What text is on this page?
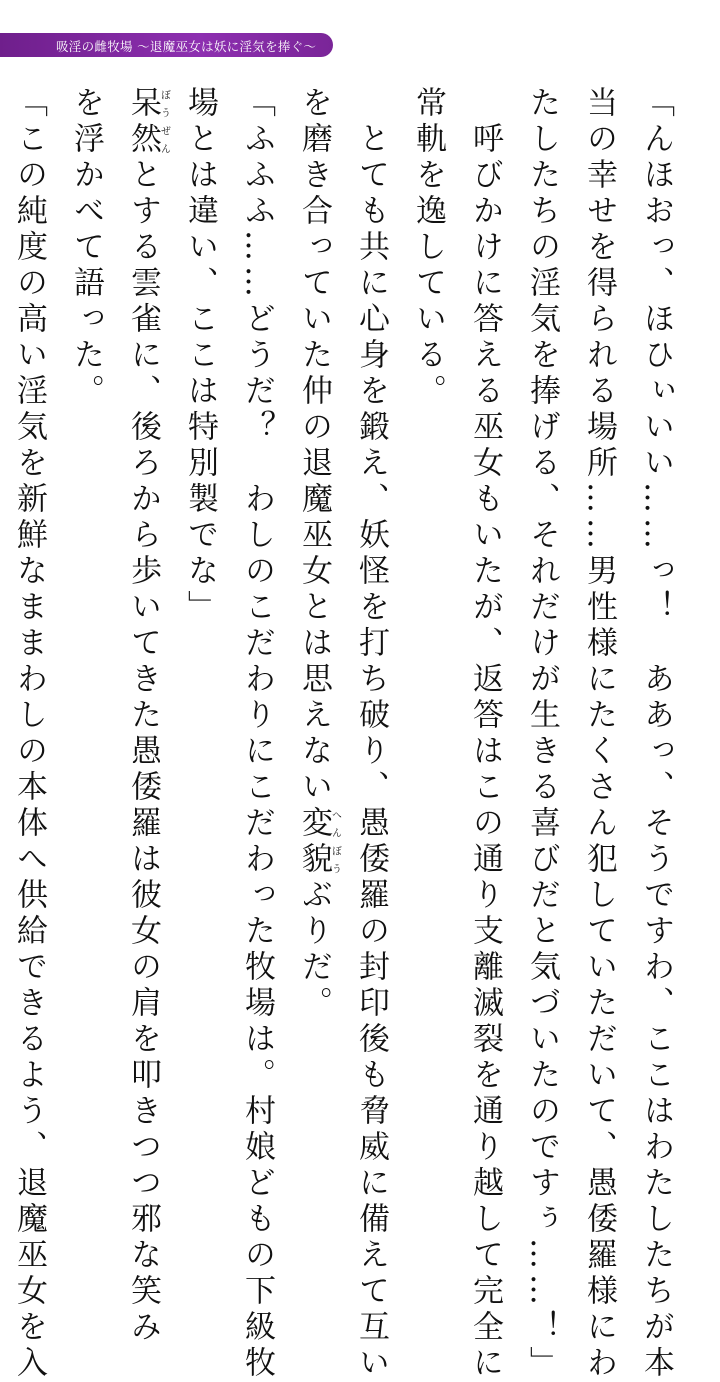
吸淫の雌牧場 ～退魔巫女は妖に淫気を捧ぐ～
「んほおっ、ほひぃいい……っ！　ああっ、そうですわ、ここはわたしたちが本
当の幸せを得られる場所……男性様にたくさん犯していただいて、愚倭羅様にわ
たしたちの淫気を捧げる、それだけが生きる喜びだと気づいたのですぅ……！」
　呼びかけに答える巫女もいたが、返答はこの通り支離滅裂を通り越して完全に
常軌を逸している。
　とても共に心身を鍛え、妖怪を打ち破り、愚倭羅の封印後も脅威に備えて互い
を磨き合っていた仲の退魔巫女とは思えない変貌へんぼうぶりだ。
「ふふふ……どうだ？　わしのこだわりにこだわった牧場は。村娘どもの下級牧
場とは違い、ここは特別製でな」
呆然ぼうぜんとする雲雀に、後ろから歩いてきた愚倭羅は彼女の肩を叩きつつ邪な笑み
を浮かべて語った。
「この純度の高い淫気を新鮮なままわしの本体へ供給できるよう、退魔巫女を入
